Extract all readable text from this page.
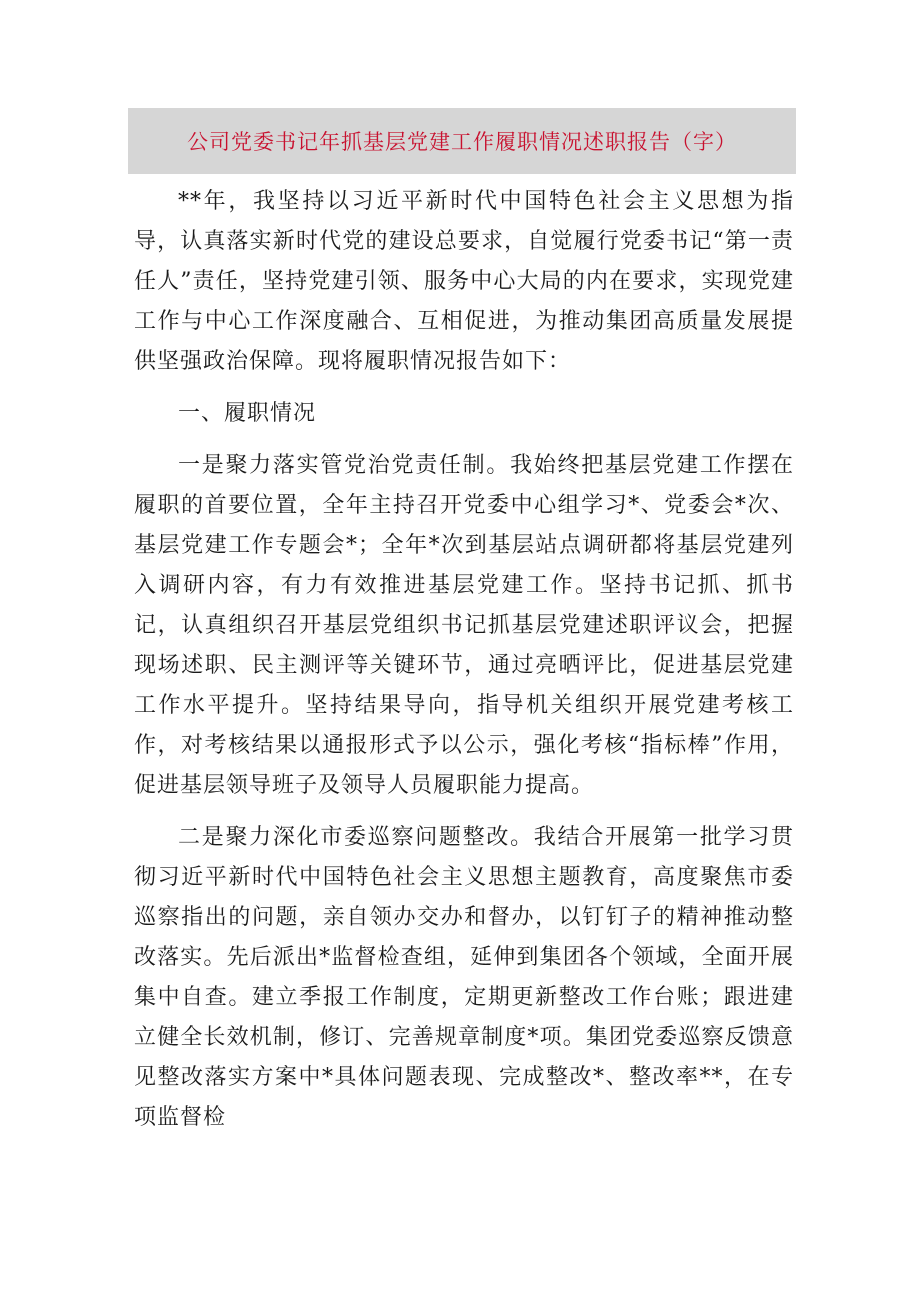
公司党委书记年抓基层党建工作履职情况述职报告（字）

**年，我坚持以习近平新时代中国特色社会主义思想为指导，认真落实新时代党的建设总要求，自觉履行党委书记“第一责任人”责任，坚持党建引领、服务中心大局的内在要求，实现党建工作与中心工作深度融合、互相促进，为推动集团高质量发展提供坚强政治保障。现将履职情况报告如下：

一、履职情况

一是聚力落实管党治党责任制。我始终把基层党建工作摆在履职的首要位置，全年主持召开党委中心组学习*、党委会*次、基层党建工作专题会*；全年*次到基层站点调研都将基层党建列入调研内容，有力有效推进基层党建工作。坚持书记抓、抓书记，认真组织召开基层党组织书记抓基层党建述职评议会，把握现场述职、民主测评等关键环节，通过亮晒评比，促进基层党建工作水平提升。坚持结果导向，指导机关组织开展党建考核工作，对考核结果以通报形式予以公示，强化考核“指标棒”作用，促进基层领导班子及领导人员履职能力提高。

二是聚力深化市委巡察问题整改。我结合开展第一批学习贯彻习近平新时代中国特色社会主义思想主题教育，高度聚焦市委巡察指出的问题，亲自领办交办和督办，以钉钉子的精神推动整改落实。先后派出*监督检查组，延伸到集团各个领域，全面开展集中自查。建立季报工作制度，定期更新整改工作台账；跟进建立健全长效机制，修订、完善规章制度*项。集团党委巡察反馈意见整改落实方案中*具体问题表现、完成整改*、整改率**，在专项监督检
